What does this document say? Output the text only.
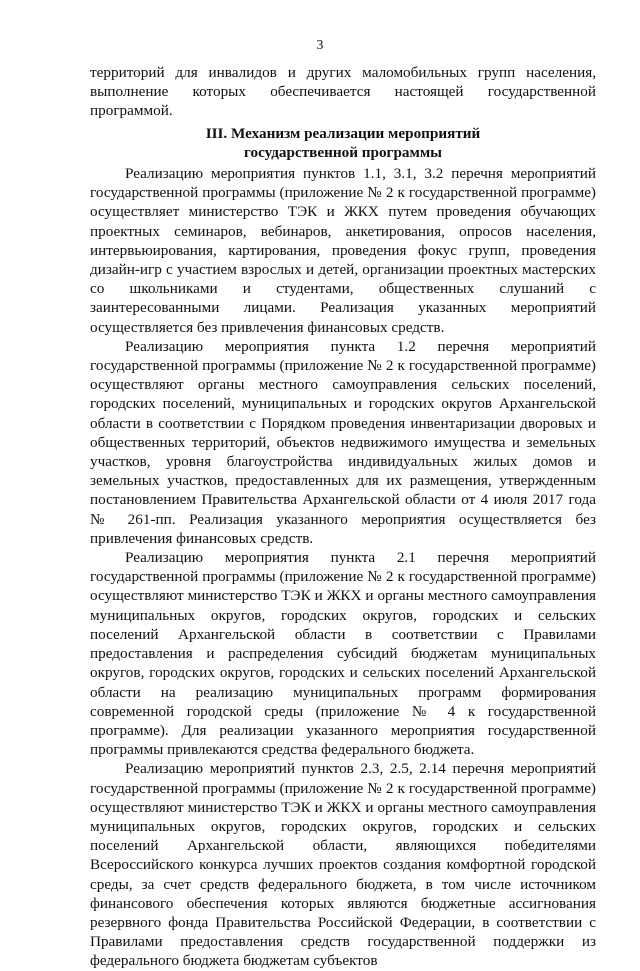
3

территорий для инвалидов и других маломобильных групп населения, выполнение которых обеспечивается настоящей государственной программой.

III. Механизм реализации мероприятий
государственной программы

Реализацию мероприятия пунктов 1.1, 3.1, 3.2 перечня мероприятий государственной программы (приложение № 2 к государственной программе) осуществляет министерство ТЭК и ЖКХ путем проведения обучающих проектных семинаров, вебинаров, анкетирования, опросов населения, интервьюирования, картирования, проведения фокус групп, проведения дизайн-игр с участием взрослых и детей, организации проектных мастерских со школьниками и студентами, общественных слушаний с заинтересованными лицами. Реализация указанных мероприятий осуществляется без привлечения финансовых средств.

Реализацию мероприятия пункта 1.2 перечня мероприятий государственной программы (приложение № 2 к государственной программе) осуществляют органы местного самоуправления сельских поселений, городских поселений, муниципальных и городских округов Архангельской области в соответствии с Порядком проведения инвентаризации дворовых и общественных территорий, объектов недвижимого имущества и земельных участков, уровня благоустройства индивидуальных жилых домов и земельных участков, предоставленных для их размещения, утвержденным постановлением Правительства Архангельской области от 4 июля 2017 года № 261-пп. Реализация указанного мероприятия осуществляется без привлечения финансовых средств.

Реализацию мероприятия пункта 2.1 перечня мероприятий государственной программы (приложение № 2 к государственной программе) осуществляют министерство ТЭК и ЖКХ и органы местного самоуправления муниципальных округов, городских округов, городских и сельских поселений Архангельской области в соответствии с Правилами предоставления и распределения субсидий бюджетам муниципальных округов, городских округов, городских и сельских поселений Архангельской области на реализацию муниципальных программ формирования современной городской среды (приложение № 4 к государственной программе). Для реализации указанного мероприятия государственной программы привлекаются средства федерального бюджета.

Реализацию мероприятий пунктов 2.3, 2.5, 2.14 перечня мероприятий государственной программы (приложение № 2 к государственной программе) осуществляют министерство ТЭК и ЖКХ и органы местного самоуправления муниципальных округов, городских округов, городских и сельских поселений Архангельской области, являющихся победителями Всероссийского конкурса лучших проектов создания комфортной городской среды, за счет средств федерального бюджета, в том числе источником финансового обеспечения которых являются бюджетные ассигнования резервного фонда Правительства Российской Федерации, в соответствии с Правилами предоставления средств государственной поддержки из федерального бюджета бюджетам субъектов
